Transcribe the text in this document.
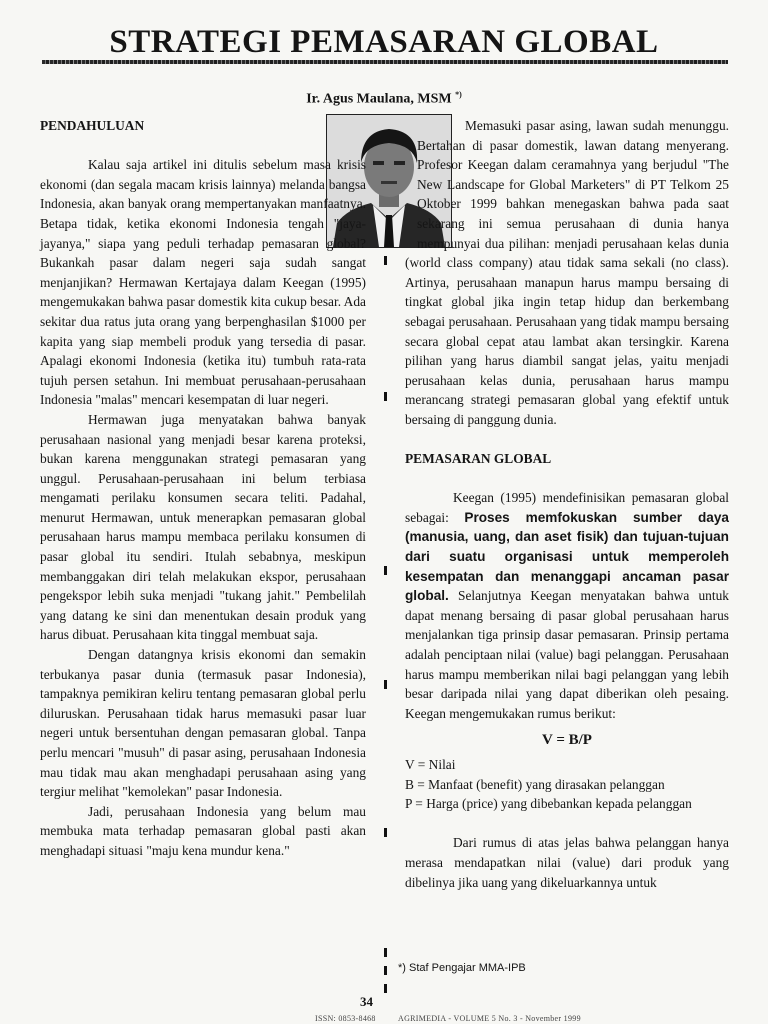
STRATEGI PEMASARAN GLOBAL
Ir. Agus Maulana, MSM *)

PENDAHULUAN

Kalau saja artikel ini ditulis sebelum masa krisis ekonomi (dan segala macam krisis lainnya) melanda bangsa Indonesia, akan banyak orang mempertanyakan manfaatnya. Betapa tidak, ketika ekonomi Indonesia tengah "jaya-jayanya," siapa yang peduli terhadap pemasaran global? Bukankah pasar dalam negeri saja sudah sangat menjanjikan? Hermawan Kertajaya dalam Keegan (1995) mengemukakan bahwa pasar domestik kita cukup besar. Ada sekitar dua ratus juta orang yang berpenghasilan $1000 per kapita yang siap membeli produk yang tersedia di pasar. Apalagi ekonomi Indonesia (ketika itu) tumbuh rata-rata tujuh persen setahun. Ini membuat perusahaan-perusahaan Indonesia "malas" mencari kesempatan di luar negeri.

Hermawan juga menyatakan bahwa banyak perusahaan nasional yang menjadi besar karena proteksi, bukan karena menggunakan strategi pemasaran yang unggul. Perusahaan-perusahaan ini belum terbiasa mengamati perilaku konsumen secara teliti. Padahal, menurut Hermawan, untuk menerapkan pemasaran global perusahaan harus mampu membaca perilaku konsumen di pasar global itu sendiri. Itulah sebabnya, meskipun membanggakan diri telah melakukan ekspor, perusahaan pengekspor lebih suka menjadi "tukang jahit." Pembelilah yang datang ke sini dan menentukan desain produk yang harus dibuat. Perusahaan kita tinggal membuat saja.

Dengan datangnya krisis ekonomi dan semakin terbukanya pasar dunia (termasuk pasar Indonesia), tampaknya pemikiran keliru tentang pemasaran global perlu diluruskan. Perusahaan tidak harus memasuki pasar luar negeri untuk bersentuhan dengan pemasaran global. Tanpa perlu mencari "musuh" di pasar asing, perusahaan Indonesia mau tidak mau akan menghadapi perusahaan asing yang tergiur melihat "kemolekan" pasar Indonesia.

Jadi, perusahaan Indonesia yang belum mau membuka mata terhadap pemasaran global pasti akan menghadapi situasi "maju kena mundur kena."

Memasuki pasar asing, lawan sudah menunggu. Bertahan di pasar domestik, lawan datang menyerang. Profesor Keegan dalam ceramahnya yang berjudul "The New Landscape for Global Marketers" di PT Telkom 25 Oktober 1999 bahkan menegaskan bahwa pada saat sekarang ini semua perusahaan di dunia hanya mempunyai dua pilihan: menjadi perusahaan kelas dunia (world class company) atau tidak sama sekali (no class). Artinya, perusahaan manapun harus mampu bersaing di tingkat global jika ingin tetap hidup dan berkembang sebagai perusahaan. Perusahaan yang tidak mampu bersaing secara global cepat atau lambat akan tersingkir. Karena pilihan yang harus diambil sangat jelas, yaitu menjadi perusahaan kelas dunia, perusahaan harus mampu merancang strategi pemasaran global yang efektif untuk bersaing di panggung dunia.

PEMASARAN GLOBAL

Keegan (1995) mendefinisikan pemasaran global sebagai: Proses memfokuskan sumber daya (manusia, uang, dan aset fisik) dan tujuan-tujuan dari suatu organisasi untuk memperoleh kesempatan dan menanggapi ancaman pasar global. Selanjutnya Keegan menyatakan bahwa untuk dapat menang bersaing di pasar global perusahaan harus menjalankan tiga prinsip dasar pemasaran. Prinsip pertama adalah penciptaan nilai (value) bagi pelanggan. Perusahaan harus mampu memberikan nilai bagi pelanggan yang lebih besar daripada nilai yang dapat diberikan oleh pesaing. Keegan mengemukakan rumus berikut:

V = B/P

V = Nilai

B = Manfaat (benefit) yang dirasakan pelanggan

P = Harga (price) yang dibebankan kepada pelanggan

Dari rumus di atas jelas bahwa pelanggan hanya merasa mendapatkan nilai (value) dari produk yang dibelinya jika uang yang dikeluarkannya untuk

*) Staf Pengajar MMA-IPB
34
ISSN: 0853-8468	AGRIMEDIA - VOLUME 5 No. 3 - November 1999
